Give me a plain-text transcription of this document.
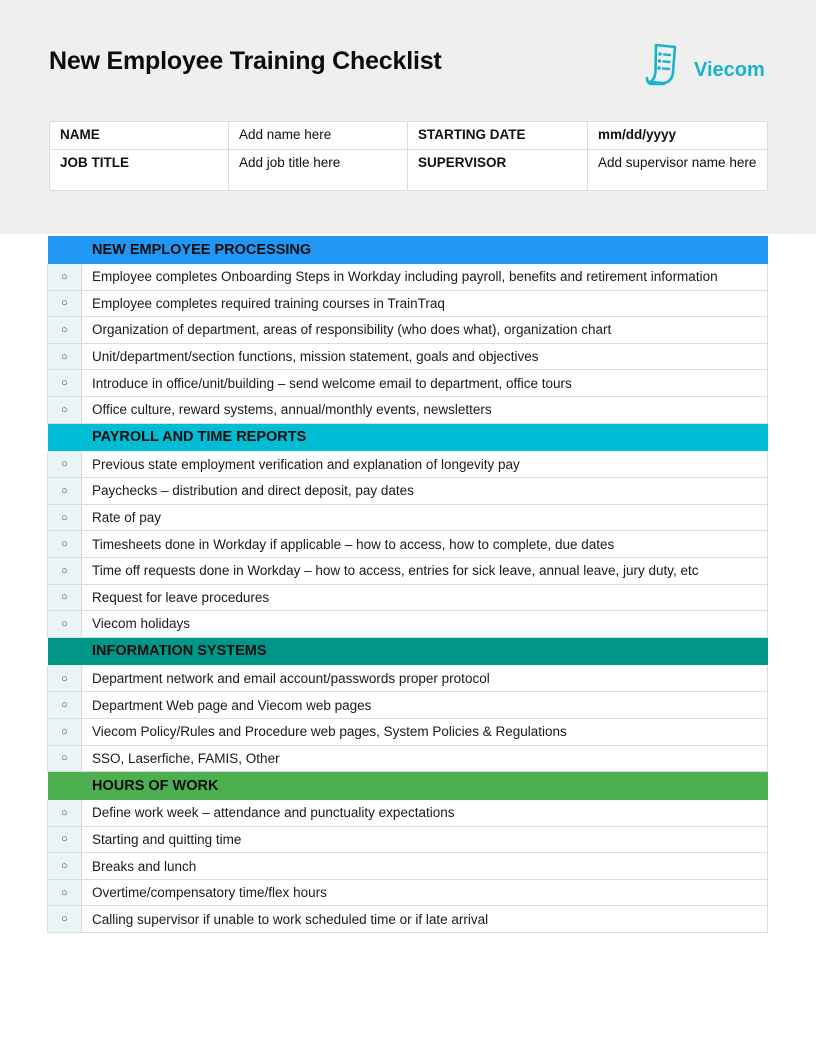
New Employee Training Checklist	Viecom
NAME	Add name here	STARTING DATE	mm/dd/yyyy
JOB TITLE	Add job title here	SUPERVISOR	Add supervisor name here
	NEW EMPLOYEE PROCESSING
○	Employee completes Onboarding Steps in Workday including payroll, benefits and retirement information
○	Employee completes required training courses in TrainTraq
○	Organization of department, areas of responsibility (who does what), organization chart
○	Unit/department/section functions, mission statement, goals and objectives
○	Introduce in office/unit/building – send welcome email to department, office tours
○	Office culture, reward systems, annual/monthly events, newsletters
	PAYROLL AND TIME REPORTS
○	Previous state employment verification and explanation of longevity pay
○	Paychecks – distribution and direct deposit, pay dates
○	Rate of pay
○	Timesheets done in Workday if applicable – how to access, how to complete, due dates
○	Time off requests done in Workday – how to access, entries for sick leave, annual leave, jury duty, etc
○	Request for leave procedures
○	Viecom holidays
	INFORMATION SYSTEMS
○	Department network and email account/passwords proper protocol
○	Department Web page and Viecom web pages
○	Viecom Policy/Rules and Procedure web pages, System Policies & Regulations
○	SSO, Laserfiche, FAMIS, Other
	HOURS OF WORK
○	Define work week – attendance and punctuality expectations
○	Starting and quitting time
○	Breaks and lunch
○	Overtime/compensatory time/flex hours
○	Calling supervisor if unable to work scheduled time or if late arrival
